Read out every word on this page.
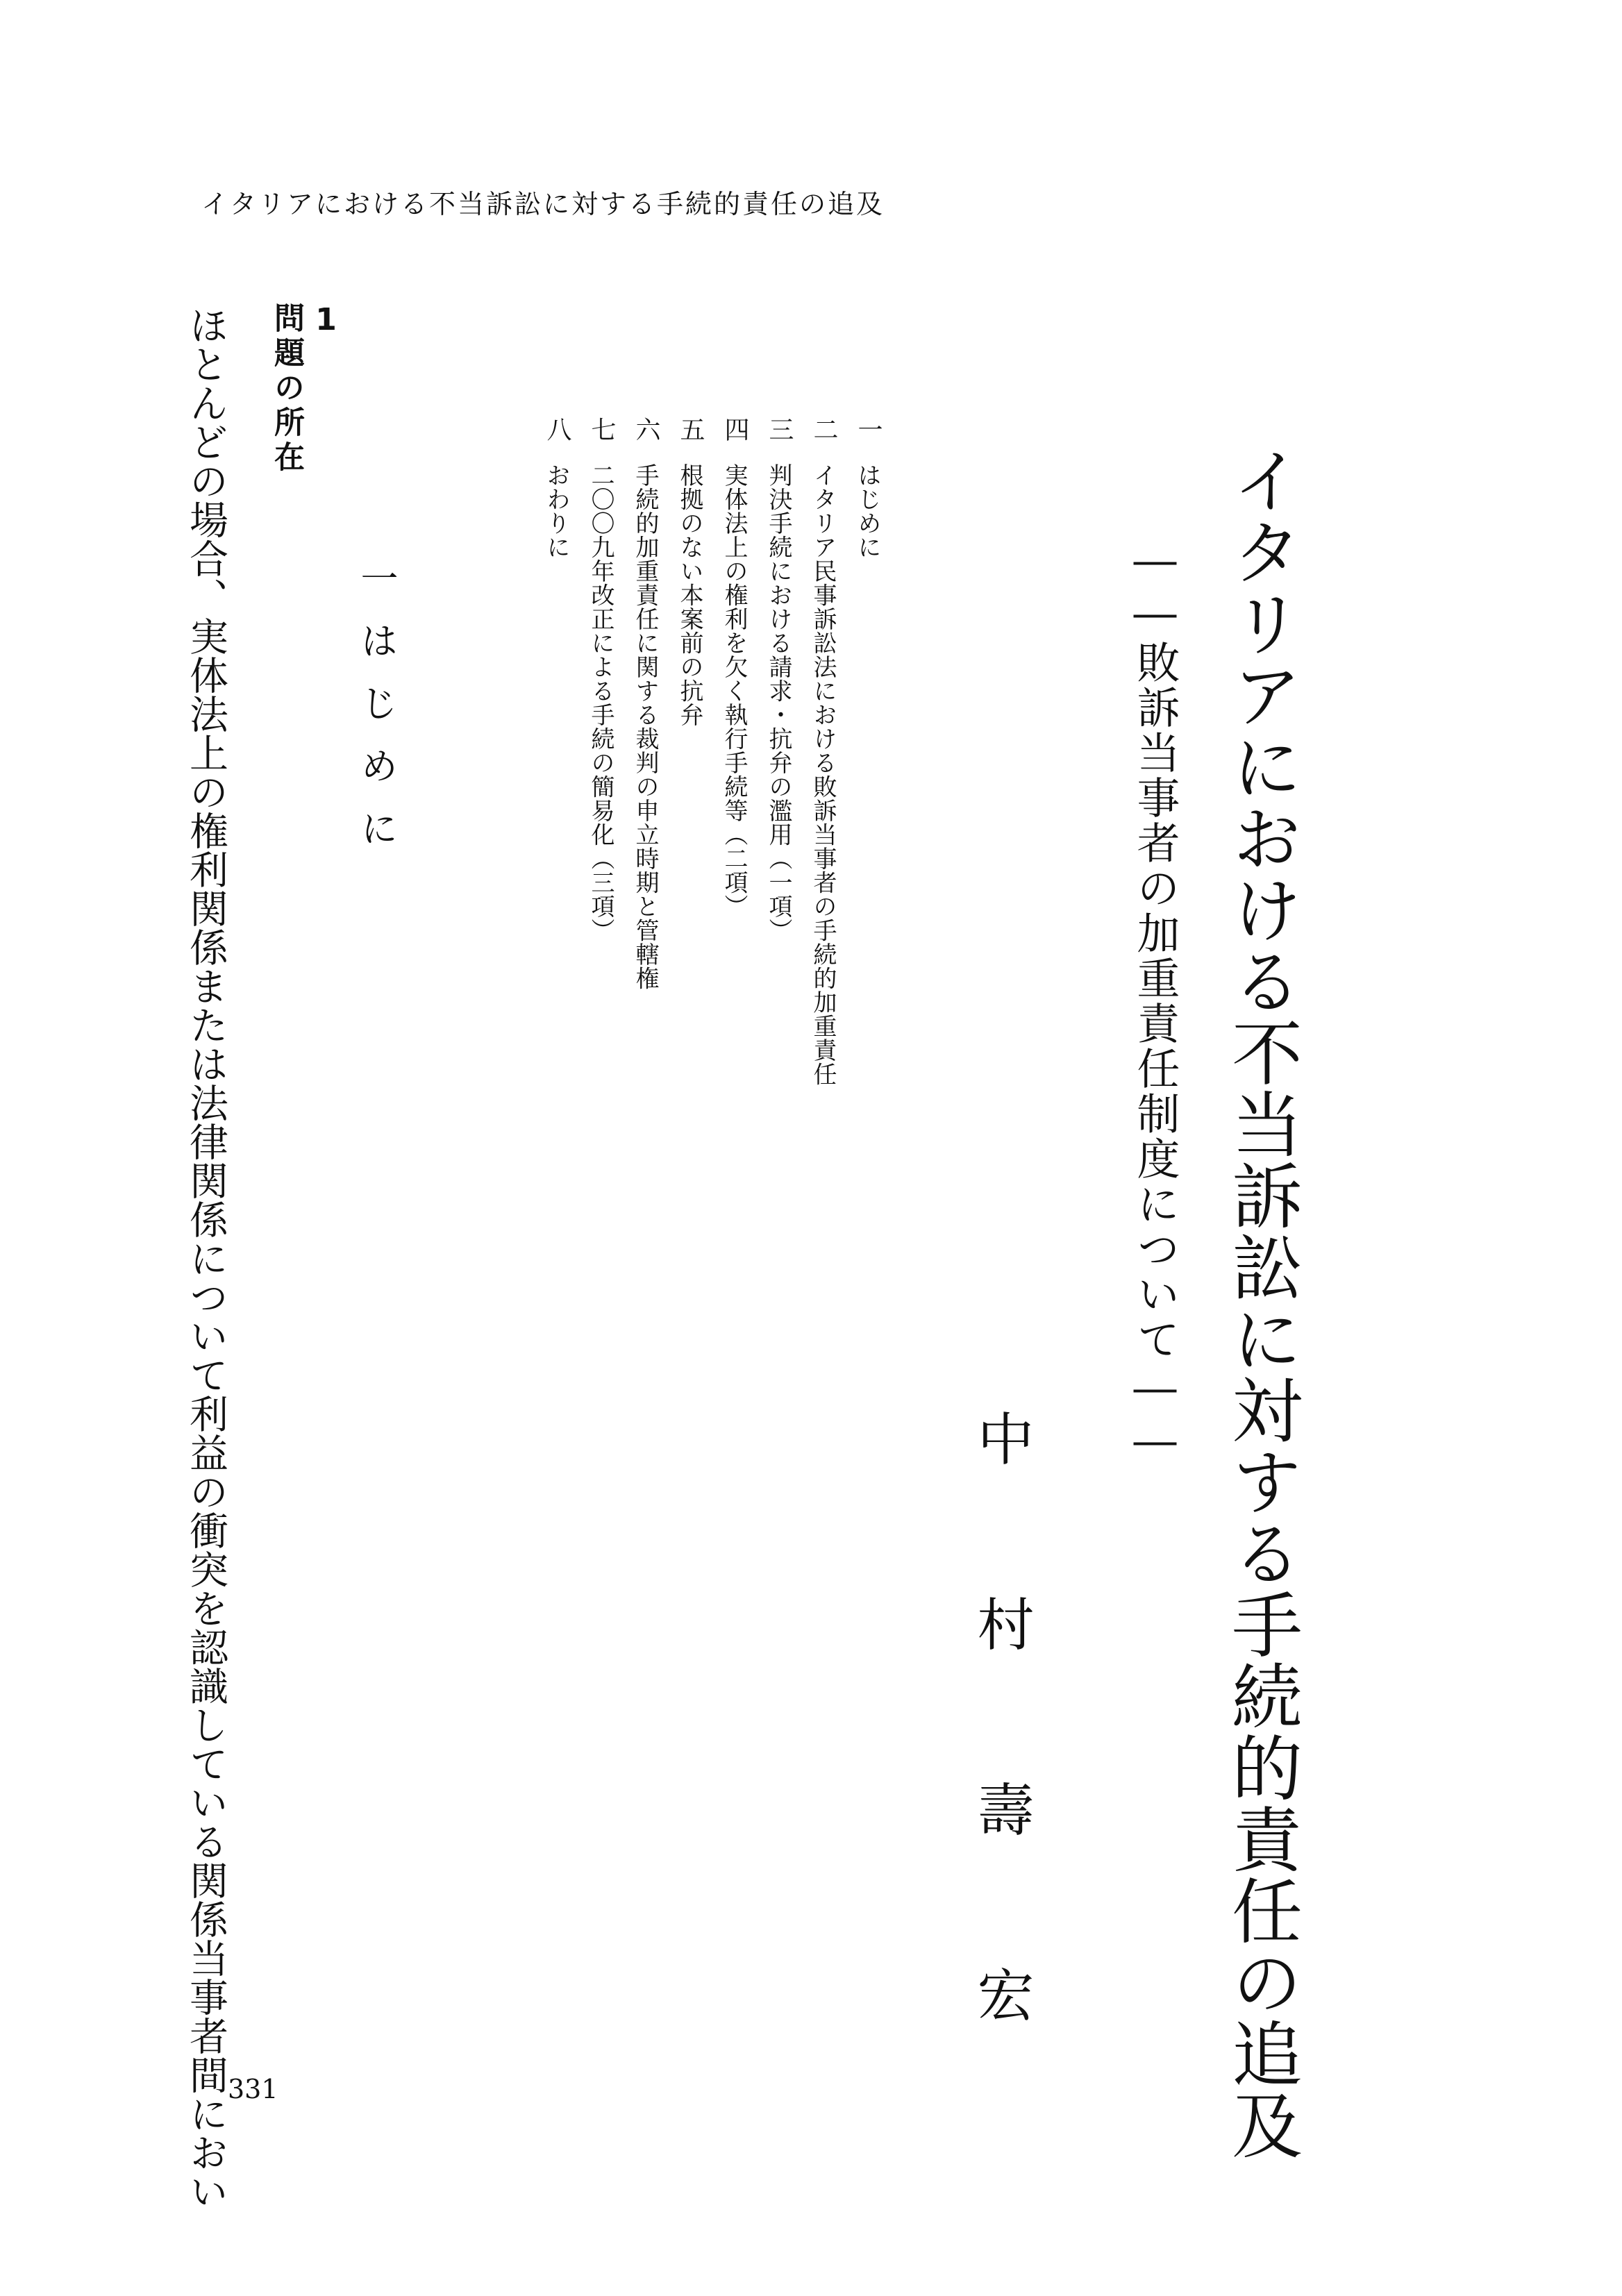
イタリアにおける不当訴訟に対する手続的責任の追及
イタリアにおける不当訴訟に対する手続的責任の追及
――敗訴当事者の加重責任制度について――
中村壽宏
一
はじめに
二
イタリア民事訴訟法における敗訴当事者の手続的加重責任
三
判決手続における請求・抗弁の濫用（一項）
四
実体法上の権利を欠く執行手続等（二項）
五
根拠のない本案前の抗弁
六
手続的加重責任に関する裁判の申立時期と管轄権
七
二〇〇九年改正による手続の簡易化（三項）
八
おわりに
一はじめに
1
問題の所在

ほとんどの場合、実体法上の権利関係または法律関係について利益の衝突を認識している関係当事者間におい 331
